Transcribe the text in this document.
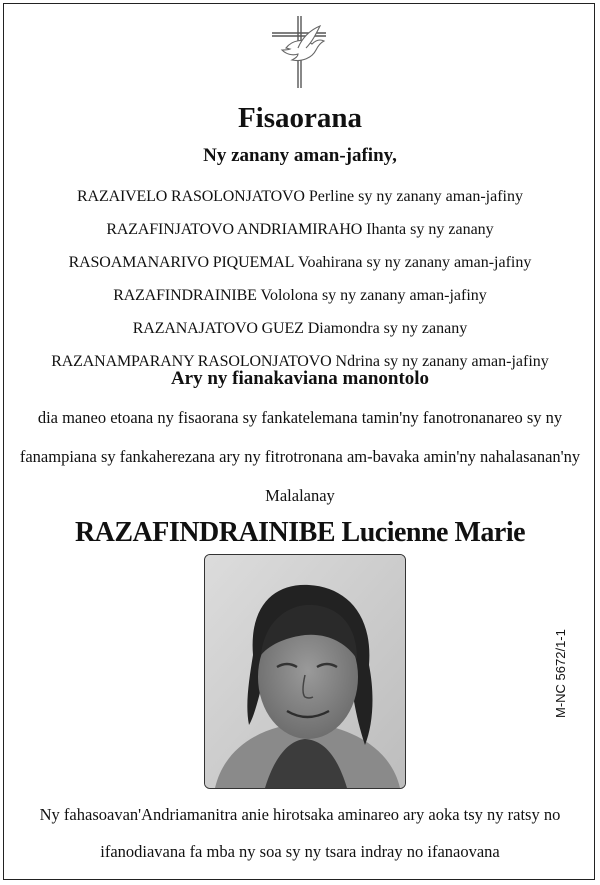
Fisaorana
Ny zanany aman-jafiny,
RAZAIVELO RASOLONJATOVO Perline sy ny zanany aman-jafiny
RAZAFINJATOVO ANDRIAMIRAHO Ihanta sy ny zanany
RASOAMANARIVO PIQUEMAL Voahirana sy ny zanany aman-jafiny
RAZAFINDRAINIBE Vololona sy ny zanany aman-jafiny
RAZANAJATOVO GUEZ Diamondra sy ny zanany
RAZANAMPARANY RASOLONJATOVO Ndrina sy ny zanany aman-jafiny
Ary ny fianakaviana manontolo
dia maneo etoana ny fisaorana sy fankatelemana tamin'ny fanotronanareo sy ny
fanampiana sy fankaherezana ary ny fitrotronana am-bavaka amin'ny nahalasanan'ny
Malalanay
RAZAFINDRAINIBE Lucienne Marie
M-NC 5672/1-1
Ny fahasoavan'Andriamanitra anie hirotsaka aminareo ary aoka tsy ny ratsy no
ifanodiavana fa mba ny soa sy ny tsara indray no ifanaovana
